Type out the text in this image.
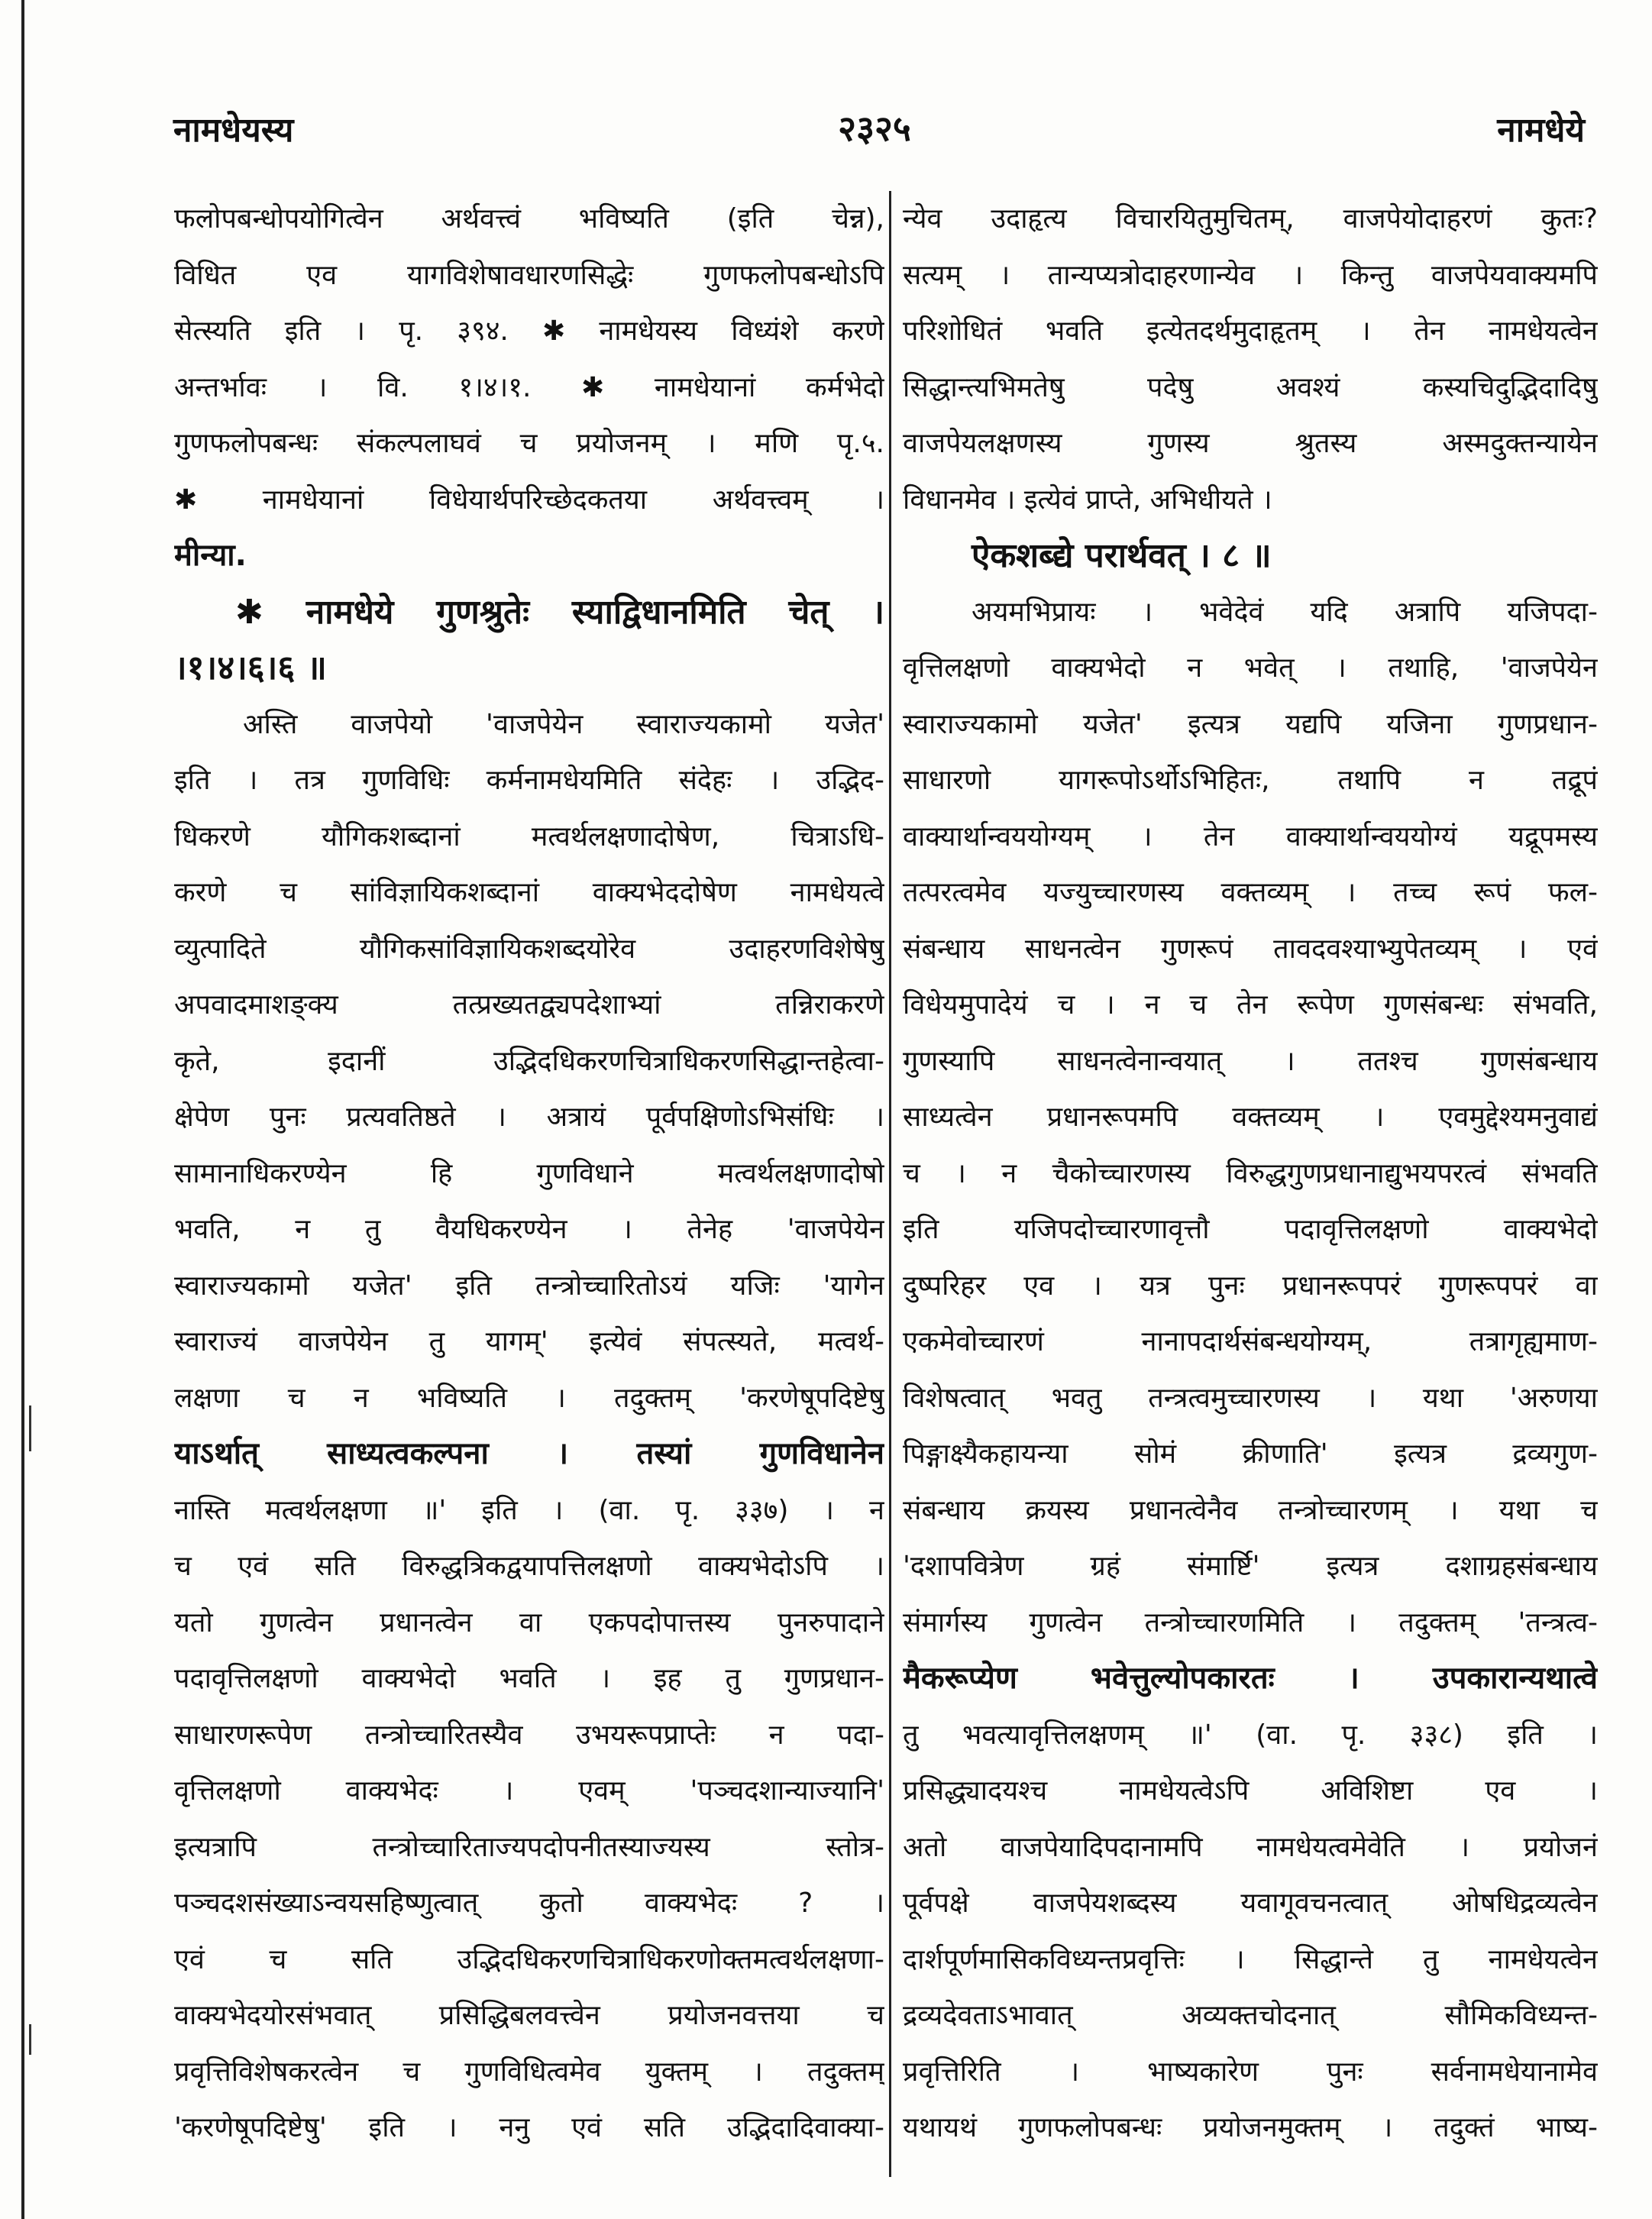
नामधेयस्य	२३२५	नामधेये
फलोपबन्धोपयोगित्वेन अर्थवत्त्वं भविष्यति (इति चेन्न),
विधित एव यागविशेषावधारणसिद्धेः गुणफलोपबन्धोऽपि
सेत्स्यति इति । पृ. ३९४. ✱ नामधेयस्य विध्यंशे करणे
अन्तर्भावः । वि. १।४।१. ✱ नामधेयानां कर्मभेदो
गुणफलोपबन्धः संकल्पलाघवं च प्रयोजनम् । मणि पृ.५.
✱ नामधेयानां विधेयार्थपरिच्छेदकतया अर्थवत्त्वम् ।
मीन्या.
✱ नामधेये गुणश्रुतेः स्याद्विधानमिति चेत् ।
।१।४।६।६ ॥
अस्ति वाजपेयो 'वाजपेयेन स्वाराज्यकामो यजेत'
इति । तत्र गुणविधिः कर्मनामधेयमिति संदेहः । उद्भिद-
धिकरणे यौगिकशब्दानां मत्वर्थलक्षणादोषेण, चित्राऽधि-
करणे च सांविज्ञायिकशब्दानां वाक्यभेददोषेण नामधेयत्वे
व्युत्पादिते यौगिकसांविज्ञायिकशब्दयोरेव उदाहरणविशेषेषु
अपवादमाशङ्क्य तत्प्रख्यतद्व्यपदेशाभ्यां तन्निराकरणे
कृते, इदानीं उद्भिदधिकरणचित्राधिकरणसिद्धान्तहेत्वा-
क्षेपेण पुनः प्रत्यवतिष्ठते । अत्रायं पूर्वपक्षिणोऽभिसंधिः ।
सामानाधिकरण्येन हि गुणविधाने मत्वर्थलक्षणादोषो
भवति, न तु वैयधिकरण्येन । तेनेह 'वाजपेयेन
स्वाराज्यकामो यजेत' इति तन्त्रोच्चारितोऽयं यजिः 'यागेन
स्वाराज्यं वाजपेयेन तु यागम्' इत्येवं संपत्स्यते, मत्वर्थ-
लक्षणा च न भविष्यति । तदुक्तम् 'करणेषूपदिष्टेषु
याऽर्थात् साध्यत्वकल्पना । तस्यां गुणविधानेन
नास्ति मत्वर्थलक्षणा ॥' इति । (वा. पृ. ३३७) । न
च एवं सति विरुद्धत्रिकद्वयापत्तिलक्षणो वाक्यभेदोऽपि ।
यतो गुणत्वेन प्रधानत्वेन वा एकपदोपात्तस्य पुनरुपादाने
पदावृत्तिलक्षणो वाक्यभेदो भवति । इह तु गुणप्रधान-
साधारणरूपेण तन्त्रोच्चारितस्यैव उभयरूपप्राप्तेः न पदा-
वृत्तिलक्षणो वाक्यभेदः । एवम् 'पञ्चदशान्याज्यानि'
इत्यत्रापि तन्त्रोच्चारिताज्यपदोपनीतस्याज्यस्य स्तोत्र-
पञ्चदशसंख्याऽन्वयसहिष्णुत्वात् कुतो वाक्यभेदः ? ।
एवं च सति उद्भिदधिकरणचित्राधिकरणोक्तमत्वर्थलक्षणा-
वाक्यभेदयोरसंभवात् प्रसिद्धिबलवत्त्वेन प्रयोजनवत्तया च
प्रवृत्तिविशेषकरत्वेन च गुणविधित्वमेव युक्तम् । तदुक्तम्
'करणेषूपदिष्टेषु' इति । ननु एवं सति उद्भिदादिवाक्या-
न्येव उदाहृत्य विचारयितुमुचितम्, वाजपेयोदाहरणं कुतः?
सत्यम् । तान्यप्यत्रोदाहरणान्येव । किन्तु वाजपेयवाक्यमपि
परिशोधितं भवति इत्येतदर्थमुदाहृतम् । तेन नामधेयत्वेन
सिद्धान्त्यभिमतेषु पदेषु अवश्यं कस्यचिदुद्भिदादिषु
वाजपेयलक्षणस्य गुणस्य श्रुतस्य अस्मदुक्तन्यायेन
विधानमेव । इत्येवं प्राप्ते, अभिधीयते ।
ऐकशब्द्ये परार्थवत् । ८ ॥
अयमभिप्रायः । भवेदेवं यदि अत्रापि यजिपदा-
वृत्तिलक्षणो वाक्यभेदो न भवेत् । तथाहि, 'वाजपेयेन
स्वाराज्यकामो यजेत' इत्यत्र यद्यपि यजिना गुणप्रधान-
साधारणो यागरूपोऽर्थोऽभिहितः, तथापि न तद्रूपं
वाक्यार्थान्वययोग्यम् । तेन वाक्यार्थान्वययोग्यं यद्रूपमस्य
तत्परत्वमेव यज्युच्चारणस्य वक्तव्यम् । तच्च रूपं फल-
संबन्धाय साधनत्वेन गुणरूपं तावदवश्याभ्युपेतव्यम् । एवं
विधेयमुपादेयं च । न च तेन रूपेण गुणसंबन्धः संभवति,
गुणस्यापि साधनत्वेनान्वयात् । ततश्च गुणसंबन्धाय
साध्यत्वेन प्रधानरूपमपि वक्तव्यम् । एवमुद्देश्यमनुवाद्यं
च । न चैकोच्चारणस्य विरुद्धगुणप्रधानाद्युभयपरत्वं संभवति
इति यजिपदोच्चारणावृत्तौ पदावृत्तिलक्षणो वाक्यभेदो
दुष्परिहर एव । यत्र पुनः प्रधानरूपपरं गुणरूपपरं वा
एकमेवोच्चारणं नानापदार्थसंबन्धयोग्यम्, तत्रागृह्यमाण-
विशेषत्वात् भवतु तन्त्रत्वमुच्चारणस्य । यथा 'अरुणया
पिङ्गाक्ष्यैकहायन्या सोमं क्रीणाति' इत्यत्र द्रव्यगुण-
संबन्धाय क्रयस्य प्रधानत्वेनैव तन्त्रोच्चारणम् । यथा च
'दशापवित्रेण ग्रहं संमार्ष्टि' इत्यत्र दशाग्रहसंबन्धाय
संमार्गस्य गुणत्वेन तन्त्रोच्चारणमिति । तदुक्तम् 'तन्त्रत्व-
मैकरूप्येण भवेत्तुल्योपकारतः । उपकारान्यथात्वे
तु भवत्यावृत्तिलक्षणम् ॥' (वा. पृ. ३३८) इति ।
प्रसिद्ध्यादयश्च नामधेयत्वेऽपि अविशिष्टा एव ।
अतो वाजपेयादिपदानामपि नामधेयत्वमेवेति । प्रयोजनं
पूर्वपक्षे वाजपेयशब्दस्य यवागूवचनत्वात् ओषधिद्रव्यत्वेन
दार्शपूर्णमासिकविध्यन्तप्रवृत्तिः । सिद्धान्ते तु नामधेयत्वेन
द्रव्यदेवताऽभावात् अव्यक्तचोदनात् सौमिकविध्यन्त-
प्रवृत्तिरिति । भाष्यकारेण पुनः सर्वनामधेयानामेव
यथायथं गुणफलोपबन्धः प्रयोजनमुक्तम् । तदुक्तं भाष्य-
